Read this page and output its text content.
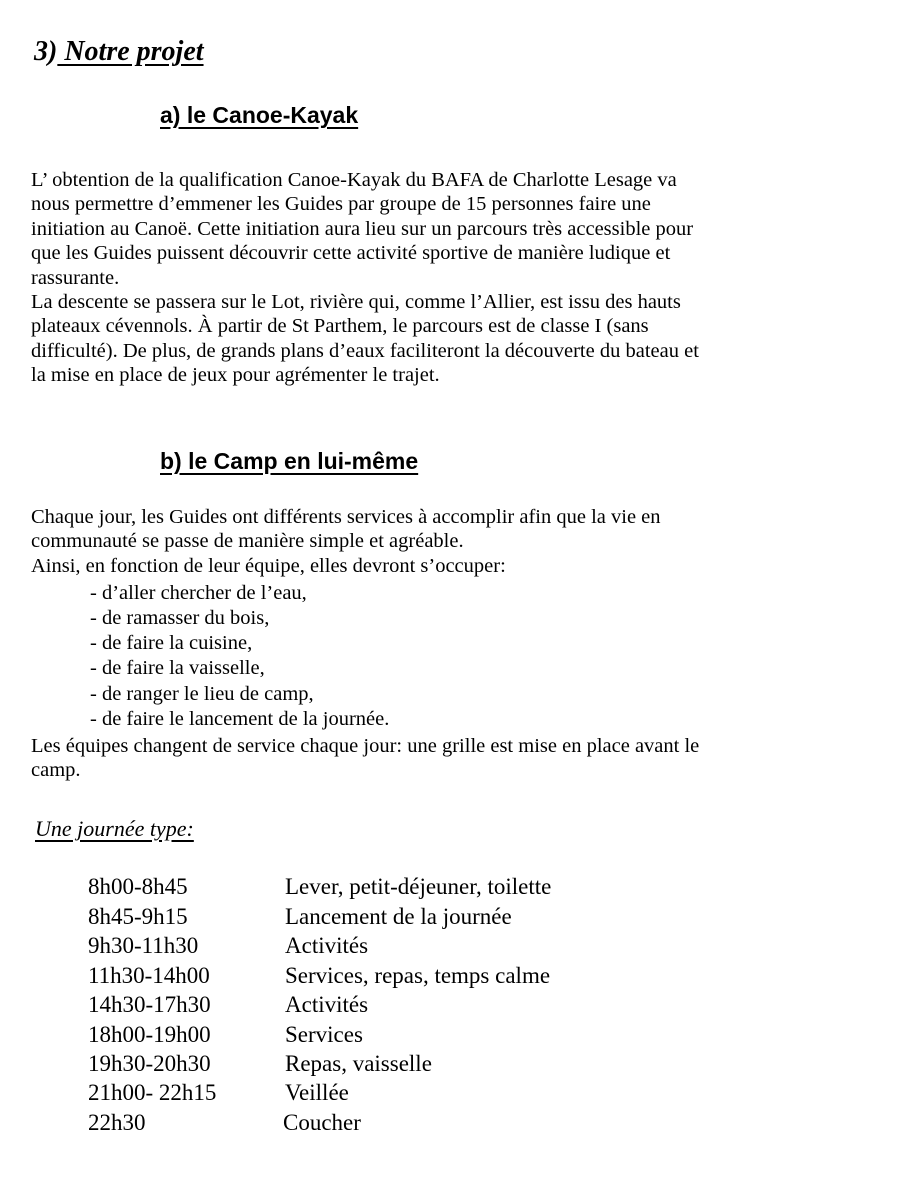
3) Notre projet
a) le Canoe-Kayak
L’ obtention de la qualification Canoe-Kayak du BAFA de Charlotte Lesage va
nous permettre d’emmener les Guides par groupe de 15 personnes faire une
initiation au Canoë. Cette initiation aura lieu sur un parcours très accessible pour
que les Guides puissent découvrir cette activité sportive de manière ludique et
rassurante.
La descente se passera sur le Lot, rivière qui, comme l’Allier, est issu des hauts
plateaux cévennols. À partir de St Parthem, le parcours est de classe I (sans
difficulté). De plus, de grands plans d’eaux faciliteront la découverte du bateau et
la mise en place de jeux pour agrémenter le trajet.
b) le Camp en lui-même
Chaque jour, les Guides ont différents services à accomplir afin que la vie en
communauté se passe de manière simple et agréable.
Ainsi, en fonction de leur équipe, elles devront s’occuper:
- d’aller chercher de l’eau,
- de ramasser du bois,
- de faire la cuisine,
- de faire la vaisselle,
- de ranger le lieu de camp,
- de faire le lancement de la journée.
Les équipes changent de service chaque jour: une grille est mise en place avant le
camp.
Une journée type:
8h00-8h45	Lever, petit-déjeuner, toilette
8h45-9h15	Lancement de la journée
9h30-11h30	Activités
11h30-14h00	Services, repas, temps calme
14h30-17h30	Activités
18h00-19h00	Services
19h30-20h30	Repas, vaisselle
21h00- 22h15	Veillée
22h30	Coucher
